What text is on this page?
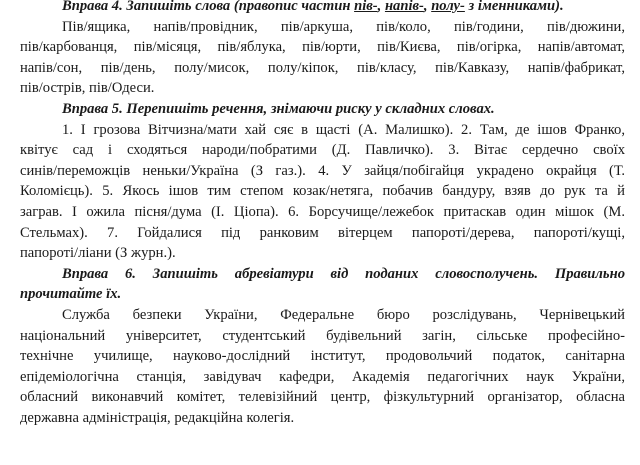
Вправа 4. Запишіть слова (правопис частин пів-, напів-, полу- з іменниками).

Пів/ящика, напів/провідник, пів/аркуша, пів/коло, пів/години, пів/дюжини,

пів/карбованця, пів/місяця, пів/яблука, пів/юрти, пів/Києва, пів/огірка, напів/автомат,

напів/сон, пів/день, полу/мисок, полу/кіпок, пів/класу, пів/Кавказу, напів/фабрикат,

пів/острів, пів/Одеси.

Вправа 5. Перепишіть речення, знімаючи риску у складних словах.

1. І грозова Вітчизна/мати хай сяє в щасті (А. Малишко). 2. Там, де ішов Франко,

квітує сад і сходяться народи/побратими (Д. Павличко). 3. Вітає сердечно своїх

синів/переможців неньки/Україна (З газ.). 4. У зайця/побігайця украдено окрайця (Т.

Коломієць). 5. Якось ішов тим степом козак/нетяга, побачив бандуру, взяв до рук та й

заграв. І ожила пісня/дума (І. Ціопа). 6. Борсучище/лежебок притаскав один мішок (М.

Стельмах). 7. Гойдалися під ранковим вітерцем папороті/дерева, папороті/кущі,

папороті/ліани (З журн.).

Вправа 6. Запишіть абревіатури від поданих словосполучень. Правильно
прочитайте їх.

Служба безпеки України, Федеральне бюро розслідувань, Чернівецький

національний університет, студентський будівельний загін, сільське професійно-

технічне училище, науково-дослідний інститут, продовольчий податок, санітарна

епідеміологічна станція, завідувач кафедри, Академія педагогічних наук України,

обласний виконавчий комітет, телевізійний центр, фізкультурний організатор, обласна

державна адміністрація, редакційна колегія.
